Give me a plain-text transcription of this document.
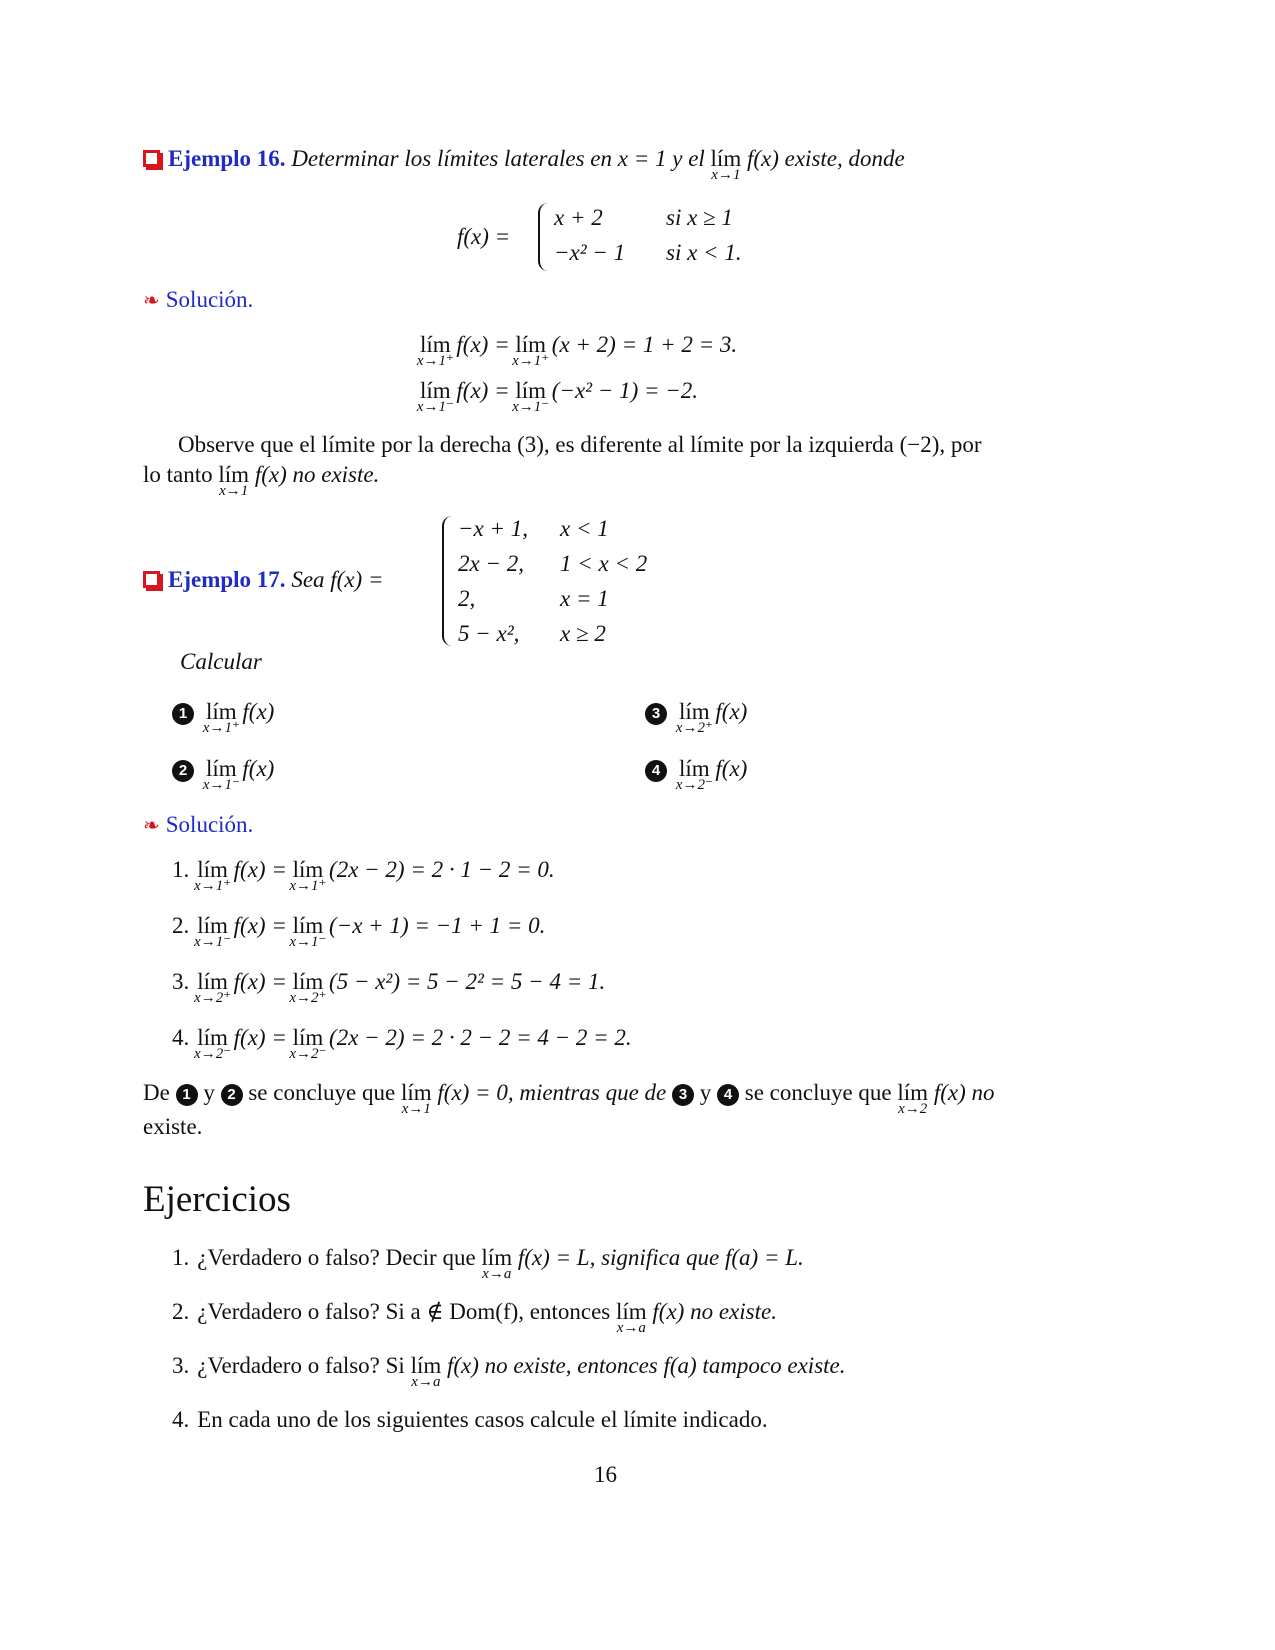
Ejemplo 16. Determinar los límites laterales en x = 1 y el lím
x→1
f(x) existe, donde
f(x) =
x + 2	si x ≥ 1
−x² − 1 si x < 1.
❧ Solución.
lím
x→1⁺
f(x) = lím
x→1⁺
(x + 2) = 1 + 2 = 3.
lím
x→1⁻
f(x) = lím
x→1⁻
(−x² − 1) = −2.
Observe que el límite por la derecha (3), es diferente al límite por la izquierda (−2), por
lo tanto lím
x→1
f(x) no existe.
Ejemplo 17. Sea f(x) =
−x + 1, x < 1
2x − 2, 1 < x < 2
2,	x = 1
5 − x², x ≥ 2
Calcular
1 lím
x→1⁺
f(x)
2 lím
x→1⁻
f(x)
3 lím
x→2⁺
f(x)
4 lím
x→2⁻
f(x)
❧ Solución.
1. lím
x→1⁺
f(x) = lím
x→1⁺
(2x − 2) = 2 · 1 − 2 = 0.
2. lím
x→1⁻
f(x) = lím
x→1⁻
(−x + 1) = −1 + 1 = 0.
3. lím
x→2⁺
f(x) = lím
x→2⁺
(5 − x²) = 5 − 2² = 5 − 4 = 1.
4. lím
x→2⁻
f(x) = lím
x→2⁻
(2x − 2) = 2 · 2 − 2 = 4 − 2 = 2.
De 1 y 2 se concluye que lím
x→1
f(x) = 0, mientras que de 3 y 4 se concluye que lím
x→2
f(x) no
existe.
Ejercicios
1. ¿Verdadero o falso? Decir que lím
x→a
f(x) = L, significa que f(a) = L.
2. ¿Verdadero o falso? Si a ∉ Dom(f), entonces lím
x→a
f(x) no existe.
3. ¿Verdadero o falso? Si lím
x→a
f(x) no existe, entonces f(a) tampoco existe.
4. En cada uno de los siguientes casos calcule el límite indicado.
16
